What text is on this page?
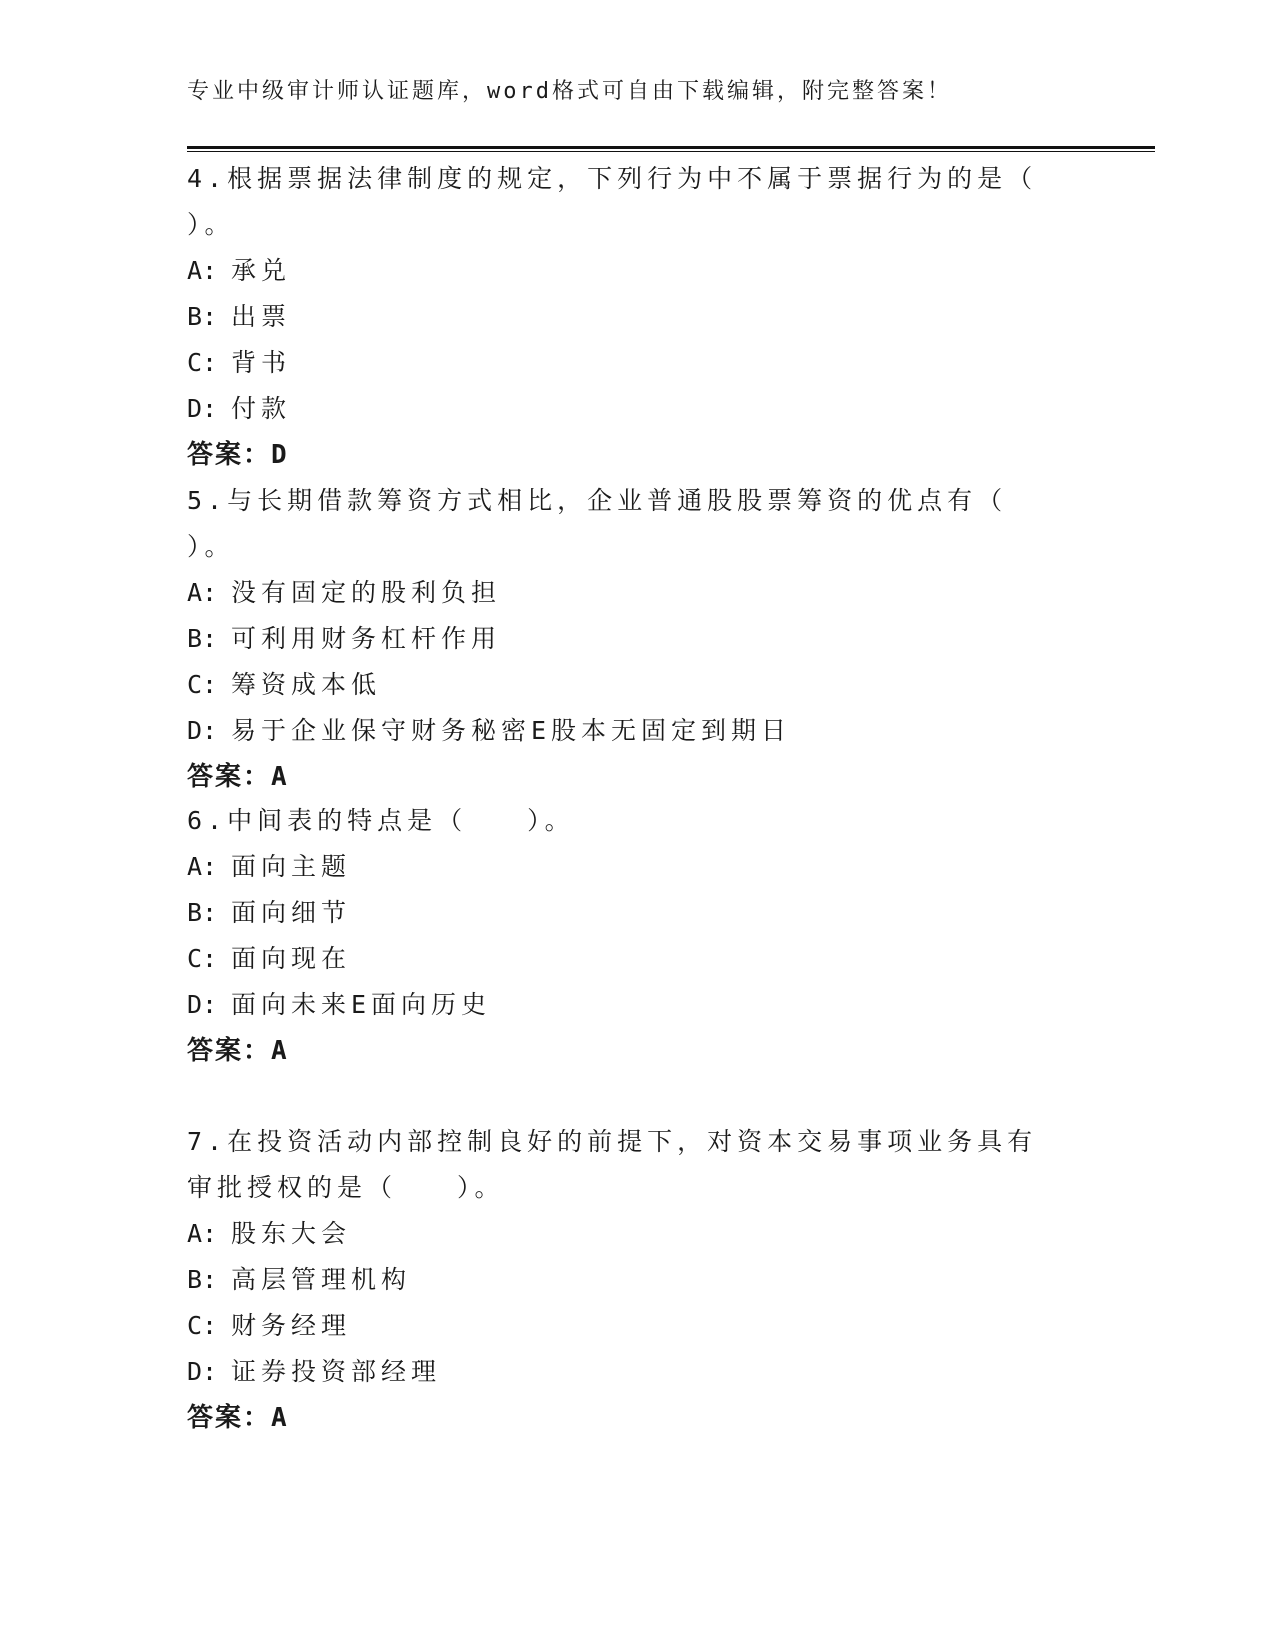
专业中级审计师认证题库，word格式可自由下载编辑，附完整答案！

4.根据票据法律制度的规定，下列行为中不属于票据行为的是（ ）。

A: 承兑

B: 出票

C: 背书

D: 付款

答案：D

5.与长期借款筹资方式相比，企业普通股股票筹资的优点有（　 ）。

A: 没有固定的股利负担

B: 可利用财务杠杆作用

C: 筹资成本低

D: 易于企业保守财务秘密E股本无固定到期日

答案：A

6.中间表的特点是（　　）。

A: 面向主题

B: 面向细节

C: 面向现在

D: 面向未来E面向历史

答案：A

7.在投资活动内部控制良好的前提下，对资本交易事项业务具有审批授权的是（　　）。

A: 股东大会

B: 高层管理机构

C: 财务经理

D: 证券投资部经理

答案：A
